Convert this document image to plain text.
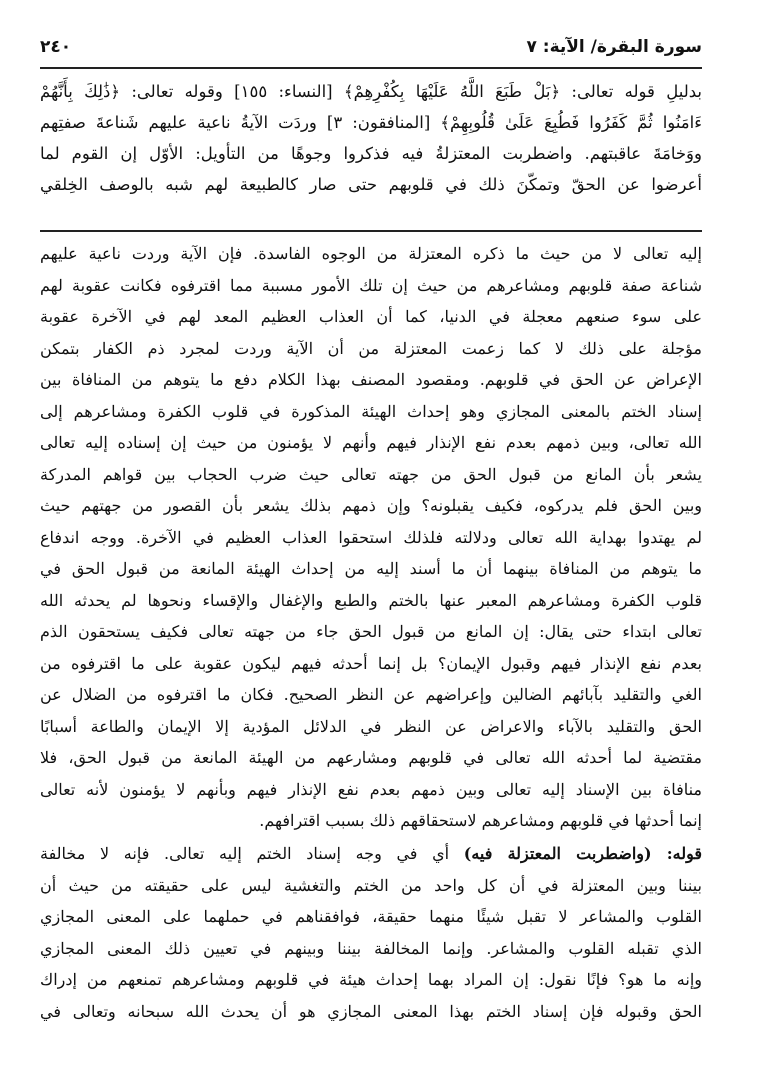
٢٤٠	سورة البقرة/ الآية: ٧
بدليلِ قوله تعالى: ﴿بَلْ طَبَعَ اللَّهُ عَلَيْهَا بِكُفْرِهِمْ﴾ [النساء: ١٥٥] وقوله تعالى: ﴿ذَٰلِكَ بِأَنَّهُمْ
ءَامَنُوا ثُمَّ كَفَرُوا فَطُبِعَ عَلَىٰ قُلُوبِهِمْ﴾ [المنافقون: ٣] وردَت الآيةُ ناعية عليهم شَناعةَ صفتِهم
ووَخامَةَ عاقبتهم. واضطربت المعتزلةُ فيه فذكروا وجوهًا من التأويل: الأوّل إن القوم لما
أعرضوا عن الحقّ وتمكّنَ ذلك في قلوبهم حتى صار كالطبيعة لهم شبه بالوصف الخِلقي
إليه تعالى لا من حيث ما ذكره المعتزلة من الوجوه الفاسدة. فإن الآية وردت ناعية عليهم
شناعة صفة قلوبهم ومشاعرهم من حيث إن تلك الأمور مسببة مما اقترفوه فكانت عقوبة لهم
على سوء صنعهم معجلة في الدنيا، كما أن العذاب العظيم المعد لهم في الآخرة عقوبة
مؤجلة على ذلك لا كما زعمت المعتزلة من أن الآية وردت لمجرد ذم الكفار بتمكن
الإعراض عن الحق في قلوبهم. ومقصود المصنف بهذا الكلام دفع ما يتوهم من المنافاة بين
إسناد الختم بالمعنى المجازي وهو إحداث الهيئة المذكورة في قلوب الكفرة ومشاعرهم إلى
الله تعالى، وبين ذمهم بعدم نفع الإنذار فيهم وأنهم لا يؤمنون من حيث إن إسناده إليه تعالى
يشعر بأن المانع من قبول الحق من جهته تعالى حيث ضرب الحجاب بين قواهم المدركة
وبين الحق فلم يدركوه، فكيف يقبلونه؟ وإن ذمهم بذلك يشعر بأن القصور من جهتهم حيث
لم يهتدوا بهداية الله تعالى ودلالته فلذلك استحقوا العذاب العظيم في الآخرة. ووجه اندفاع
ما يتوهم من المنافاة بينهما أن ما أسند إليه من إحداث الهيئة المانعة من قبول الحق في
قلوب الكفرة ومشاعرهم المعبر عنها بالختم والطبع والإغفال والإقساء ونحوها لم يحدثه الله
تعالى ابتداء حتى يقال: إن المانع من قبول الحق جاء من جهته تعالى فكيف يستحقون الذم
بعدم نفع الإنذار فيهم وقبول الإيمان؟ بل إنما أحدثه فيهم ليكون عقوبة على ما اقترفوه من
الغي والتقليد بآبائهم الضالين وإعراضهم عن النظر الصحيح. فكان ما اقترفوه من الضلال عن
الحق والتقليد بالآباء والاعراض عن النظر في الدلائل المؤدية إلا الإيمان والطاعة أسبابًا
مقتضية لما أحدثه الله تعالى في قلوبهم ومشارعهم من الهيئة المانعة من قبول الحق، فلا
منافاة بين الإسناد إليه تعالى وبين ذمهم بعدم نفع الإنذار فيهم وبأنهم لا يؤمنون لأنه تعالى
إنما أحدثها في قلوبهم ومشاعرهم لاستحقاقهم ذلك بسبب اقترافهم.
قوله: (واضطربت المعتزلة فيه) أي في وجه إسناد الختم إليه تعالى. فإنه لا مخالفة
بيننا وبين المعتزلة في أن كل واحد من الختم والتغشية ليس على حقيقته من حيث أن
القلوب والمشاعر لا تقبل شيئًا منهما حقيقة، فوافقناهم في حملهما على المعنى المجازي
الذي تقبله القلوب والمشاعر. وإنما المخالفة بيننا وبينهم في تعيين ذلك المعنى المجازي
وإنه ما هو؟ فإنًا نقول: إن المراد بهما إحداث هيئة في قلوبهم ومشاعرهم تمنعهم من إدراك
الحق وقبوله فإن إسناد الختم بهذا المعنى المجازي هو أن يحدث الله سبحانه وتعالى في
